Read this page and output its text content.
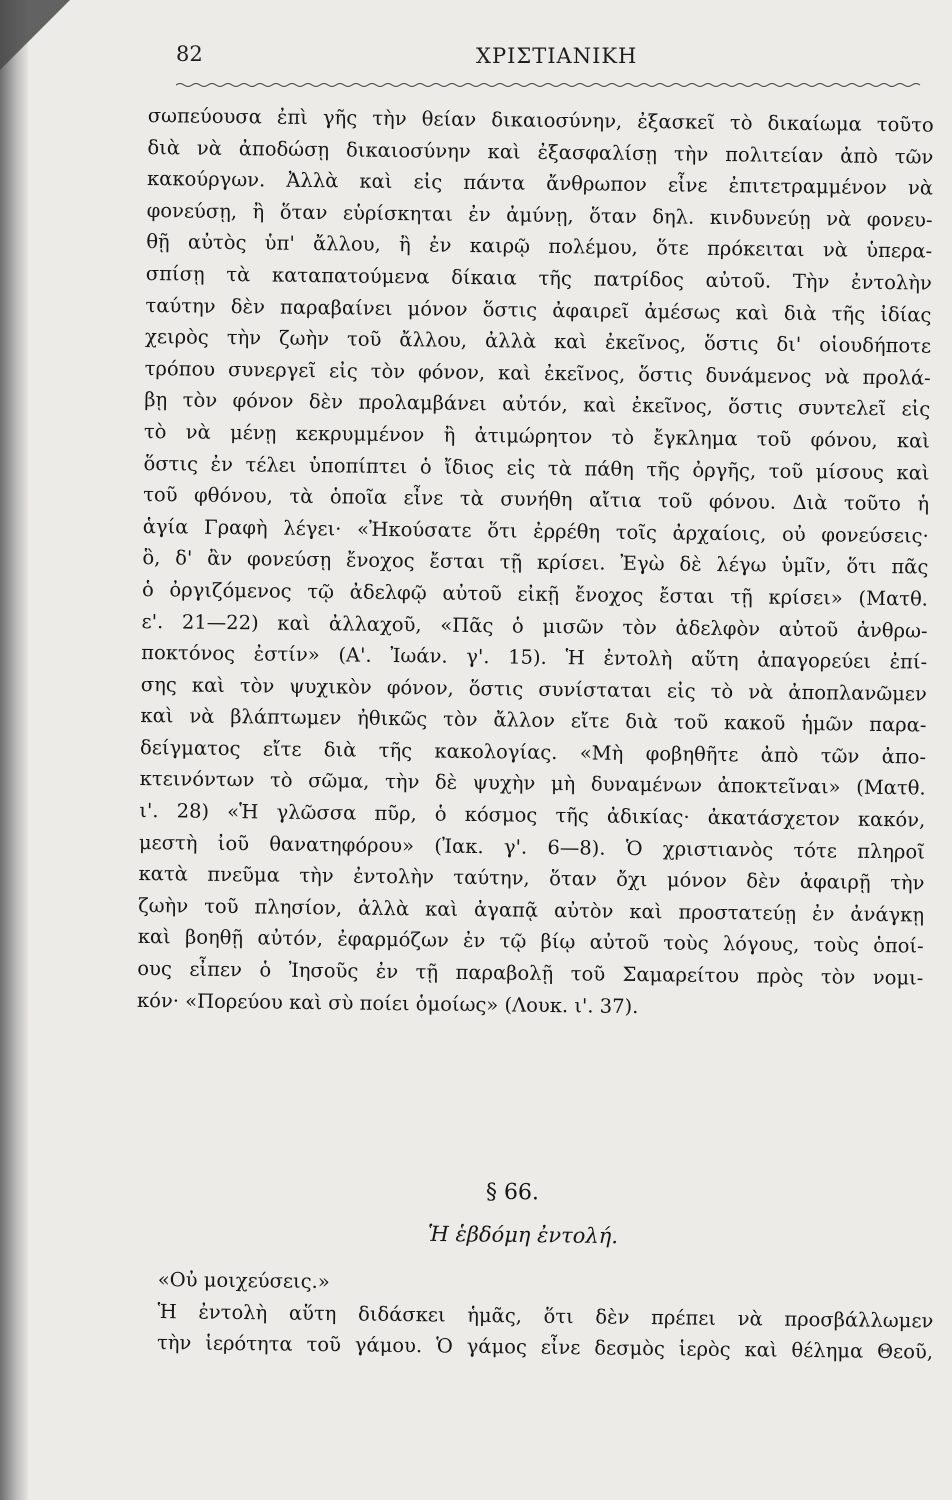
82	ΧΡΙΣΤΙΑΝΙΚΗ
σωπεύουσα ἐπὶ γῆς τὴν θείαν δικαιοσύνην, ἐξασκεῖ τὸ δικαίωμα τοῦτο
διὰ νὰ ἀποδώσῃ δικαιοσύνην καὶ ἐξασφαλίσῃ τὴν πολιτείαν ἀπὸ τῶν
κακούργων. Ἀλλὰ καὶ εἰς πάντα ἄνθρωπον εἶνε ἐπιτετραμμένον νὰ
φονεύσῃ, ἢ ὅταν εὑρίσκηται ἐν ἀμύνῃ, ὅταν δηλ. κινδυνεύῃ νὰ φονευ-
θῇ αὐτὸς ὑπ' ἄλλου, ἢ ἐν καιρῷ πολέμου, ὅτε πρόκειται νὰ ὑπερα-
σπίσῃ τὰ καταπατούμενα δίκαια τῆς πατρίδος αὐτοῦ. Τὴν ἐντολὴν
ταύτην δὲν παραβαίνει μόνον ὅστις ἀφαιρεῖ ἀμέσως καὶ διὰ τῆς ἰδίας
χειρὸς τὴν ζωὴν τοῦ ἄλλου, ἀλλὰ καὶ ἐκεῖνος, ὅστις δι' οἱουδήποτε
τρόπου συνεργεῖ εἰς τὸν φόνον, καὶ ἐκεῖνος, ὅστις δυνάμενος νὰ προλά-
βῃ τὸν φόνον δὲν προλαμβάνει αὐτόν, καὶ ἐκεῖνος, ὅστις συντελεῖ εἰς
τὸ νὰ μένῃ κεκρυμμένον ἢ ἀτιμώρητον τὸ ἔγκλημα τοῦ φόνου, καὶ
ὅστις ἐν τέλει ὑποπίπτει ὁ ἴδιος εἰς τὰ πάθη τῆς ὀργῆς, τοῦ μίσους καὶ
τοῦ φθόνου, τὰ ὁποῖα εἶνε τὰ συνήθη αἴτια τοῦ φόνου. Διὰ τοῦτο ἡ
ἁγία Γραφὴ λέγει· «Ἠκούσατε ὅτι ἐρρέθη τοῖς ἀρχαίοις, οὐ φονεύσεις·
ὃ, δ' ἂν φονεύσῃ ἔνοχος ἔσται τῇ κρίσει. Ἐγὼ δὲ λέγω ὑμῖν, ὅτι πᾶς
ὁ ὀργιζόμενος τῷ ἀδελφῷ αὐτοῦ εἰκῇ ἔνοχος ἔσται τῇ κρίσει» (Ματθ.
ε'. 21—22) καὶ ἀλλαχοῦ, «Πᾶς ὁ μισῶν τὸν ἀδελφὸν αὐτοῦ ἀνθρω-
ποκτόνος ἐστίν» (Α'. Ἰωάν. γ'. 15). Ἡ ἐντολὴ αὕτη ἀπαγορεύει ἐπί-
σης καὶ τὸν ψυχικὸν φόνον, ὅστις συνίσταται εἰς τὸ νὰ ἀποπλανῶμεν
καὶ νὰ βλάπτωμεν ἠθικῶς τὸν ἄλλον εἴτε διὰ τοῦ κακοῦ ἡμῶν παρα-
δείγματος εἴτε διὰ τῆς κακολογίας. «Μὴ φοβηθῆτε ἀπὸ τῶν ἀπο-
κτεινόντων τὸ σῶμα, τὴν δὲ ψυχὴν μὴ δυναμένων ἀποκτεῖναι» (Ματθ.
ι'. 28) «Ἡ γλῶσσα πῦρ, ὁ κόσμος τῆς ἀδικίας· ἀκατάσχετον κακόν,
μεστὴ ἰοῦ θανατηφόρου» (Ἰακ. γ'. 6—8). Ὁ χριστιανὸς τότε πληροῖ
κατὰ πνεῦμα τὴν ἐντολὴν ταύτην, ὅταν ὄχι μόνον δὲν ἀφαιρῇ τὴν
ζωὴν τοῦ πλησίον, ἀλλὰ καὶ ἀγαπᾷ αὐτὸν καὶ προστατεύῃ ἐν ἀνάγκῃ
καὶ βοηθῇ αὐτόν, ἐφαρμόζων ἐν τῷ βίῳ αὐτοῦ τοὺς λόγους, τοὺς ὁποί-
ους εἶπεν ὁ Ἰησοῦς ἐν τῇ παραβολῇ τοῦ Σαμαρείτου πρὸς τὸν νομι-
κόν· «Πορεύου καὶ σὺ ποίει ὁμοίως» (Λουκ. ι'. 37).
§ 66.
Ἡ ἑβδόμη ἐντολή.
«Οὐ μοιχεύσεις.»
Ἡ ἐντολὴ αὕτη διδάσκει ἡμᾶς, ὅτι δὲν πρέπει νὰ προσβάλλωμεν
τὴν ἱερότητα τοῦ γάμου. Ὁ γάμος εἶνε δεσμὸς ἱερὸς καὶ θέλημα Θεοῦ,
